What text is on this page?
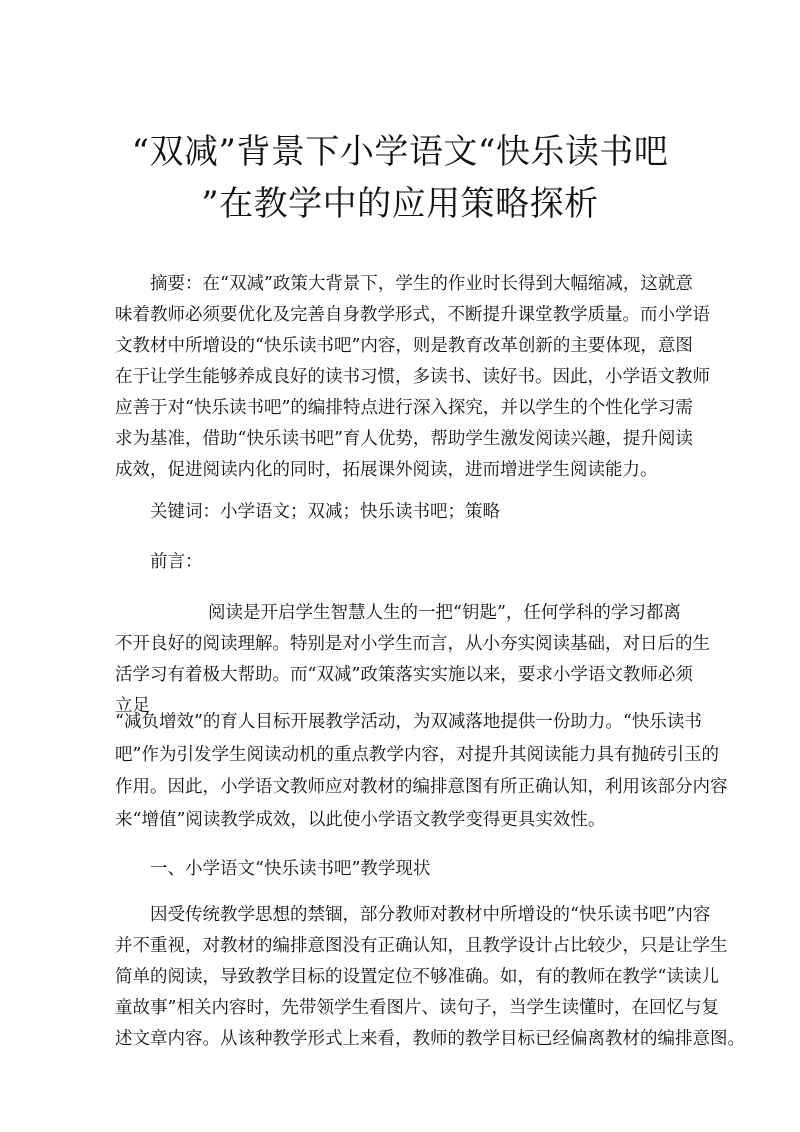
“双减”背景下小学语文“快乐读书吧
”在教学中的应用策略探析
摘要：在“双减”政策大背景下，学生的作业时长得到大幅缩减，这就意
味着教师必须要优化及完善自身教学形式，不断提升课堂教学质量。而小学语
文教材中所增设的“快乐读书吧”内容，则是教育改革创新的主要体现，意图
在于让学生能够养成良好的读书习惯，多读书、读好书。因此，小学语文教师
应善于对“快乐读书吧”的编排特点进行深入探究，并以学生的个性化学习需
求为基准，借助“快乐读书吧”育人优势，帮助学生激发阅读兴趣，提升阅读
成效，促进阅读内化的同时，拓展课外阅读，进而增进学生阅读能力。
关键词：小学语文；双减；快乐读书吧；策略
前言：
阅读是开启学生智慧人生的一把“钥匙”，任何学科的学习都离
不开良好的阅读理解。特别是对小学生而言，从小夯实阅读基础，对日后的生
活学习有着极大帮助。而“双减”政策落实实施以来，要求小学语文教师必须
立足
“减负增效”的育人目标开展教学活动，为双减落地提供一份助力。“快乐读书
吧”作为引发学生阅读动机的重点教学内容，对提升其阅读能力具有抛砖引玉的
作用。因此，小学语文教师应对教材的编排意图有所正确认知，利用该部分内容
来“增值”阅读教学成效，以此使小学语文教学变得更具实效性。
一、小学语文“快乐读书吧”教学现状
因受传统教学思想的禁锢，部分教师对教材中所增设的“快乐读书吧”内容
并不重视，对教材的编排意图没有正确认知，且教学设计占比较少，只是让学生
简单的阅读，导致教学目标的设置定位不够准确。如，有的教师在教学“读读儿
童故事”相关内容时，先带领学生看图片、读句子，当学生读懂时，在回忆与复
述文章内容。从该种教学形式上来看，教师的教学目标已经偏离教材的编排意图。
